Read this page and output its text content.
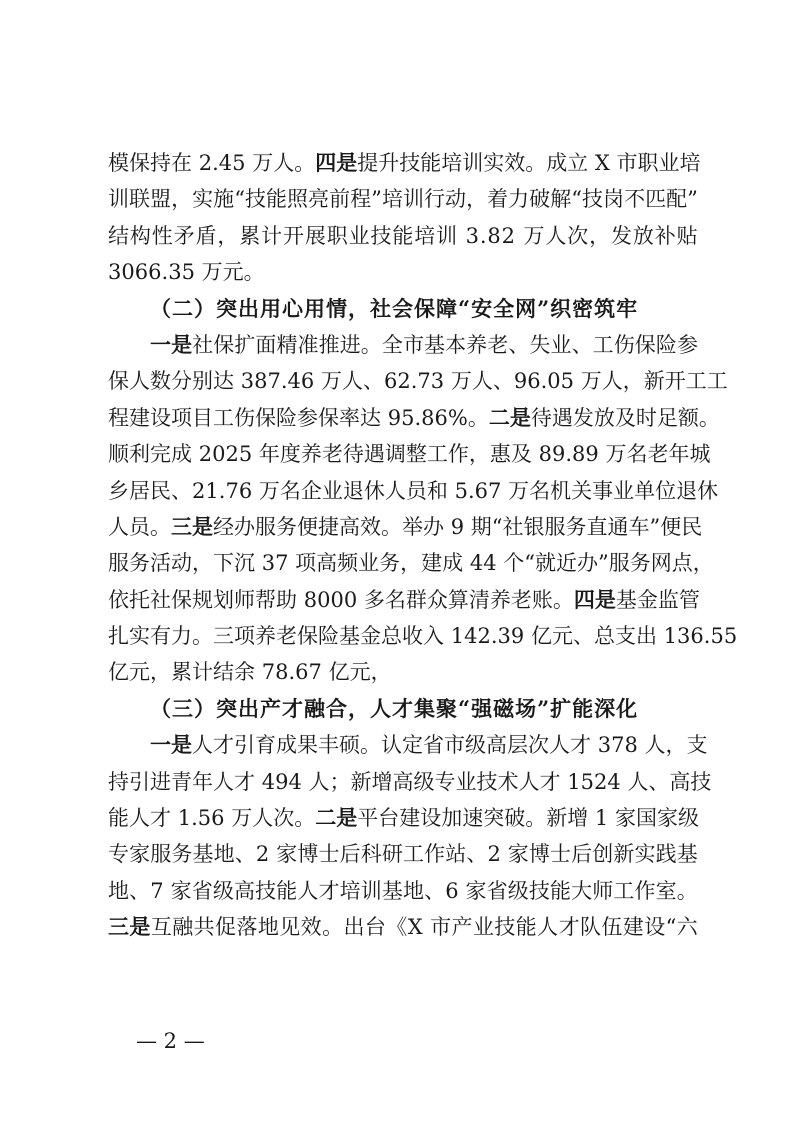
模 保 持 在
2 . 4 5
万 人 。 四 是 提 升 技 能 培 训 实 效 。 成 立
X
市 职 业 培
训 联 盟 ， 实 施 “ 技 能 照 亮 前 程 ” 培 训 行 动 ， 着 力 破 解 “ 技 岗 不 匹 配 ”
结 构 性 矛 盾 ， 累 计 开 展 职 业 技 能 培 训
3 . 8 2
万 人 次 ， 发 放 补 贴
3 0 6 6 . 3 5
万 元 。
（二）突出用心用情，社会保障“安全网”织密筑牢
一 是 社 保 扩 面 精 准 推 进 。 全 市 基 本 养 老 、 失 业 、 工 伤 保 险 参
保 人 数 分 别 达
3 8 7 . 4 6
万 人 、 6 2 . 7 3
万 人 、 9 6 . 0 5
万 人 ， 新 开 工 工
程 建 设 项 目 工 伤 保 险 参 保 率 达
9 5 . 8 6 % 。 二 是 待 遇 发 放 及 时 足 额 。
顺 利 完 成
2 0 2 5
年 度 养 老 待 遇 调 整 工 作 ， 惠 及
8 9 . 8 9
万 名 老 年 城
乡 居 民 、 2 1 . 7 6
万 名 企 业 退 休 人 员 和
5 . 6 7
万 名 机 关 事 业 单 位 退 休
人 员 。 三 是 经 办 服 务 便 捷 高 效 。 举 办
9
期 “ 社 银 服 务 直 通 车 ” 便 民
服 务 活 动 ， 下 沉
3 7
项 高 频 业 务 ， 建 成
4 4
个 “ 就 近 办 ” 服 务 网 点 ，
依 托 社 保 规 划 师 帮 助
8 0 0 0
多 名 群 众 算 清 养 老 账 。 四 是 基 金 监 管
扎 实 有 力 。 三 项 养 老 保 险 基 金 总 收 入
1 4 2 . 3 9
亿 元 、 总 支 出
1 3 6 . 5 5
亿 元 ， 累 计 结 余
7 8 . 6 7
亿 元 ，
（三）突出产才融合，人才集聚“强磁场”扩能深化
一 是 人 才 引 育 成 果 丰 硕 。 认 定 省 市 级 高 层 次 人 才
3 7 8
人 ， 支
持 引 进 青 年 人 才
4 9 4
人 ； 新 增 高 级 专 业 技 术 人 才
1 5 2 4
人 、 高 技
能 人 才
1 . 5 6
万 人 次 。 二 是 平 台 建 设 加 速 突 破 。 新 增
1
家 国 家 级
专 家 服 务 基 地 、 2
家 博 士 后 科 研 工 作 站 、 2
家 博 士 后 创 新 实 践 基
地 、 7
家 省 级 高 技 能 人 才 培 训 基 地 、 6
家 省 级 技 能 大 师 工 作 室 。
三 是 互 融 共 促 落 地 见 效 。 出 台 《 X
市 产 业 技 能 人 才 队 伍 建 设 “ 六
— 2 —
